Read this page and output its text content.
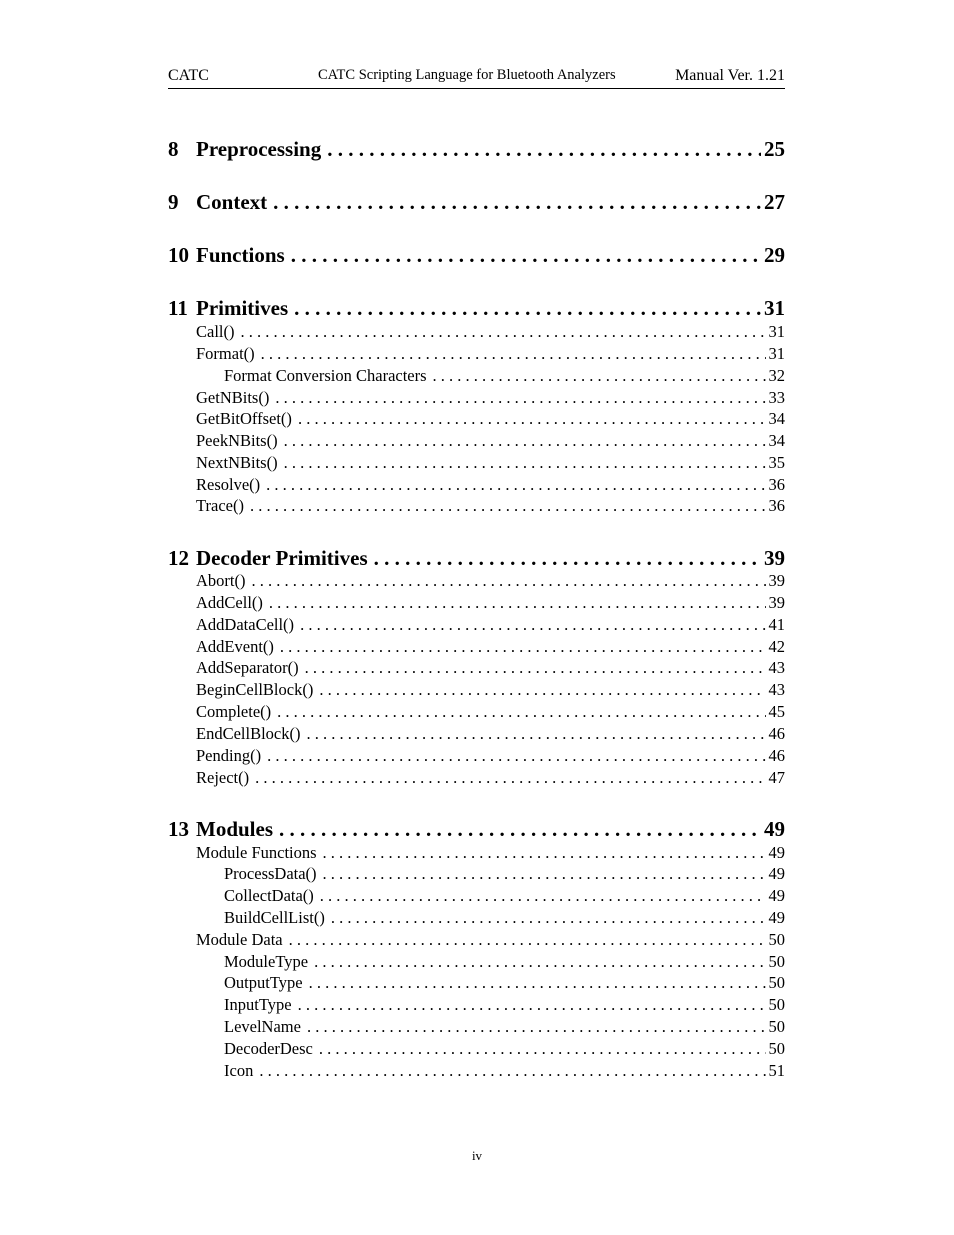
CATC	CATC Scripting Language for Bluetooth Analyzers	Manual Ver. 1.21
8 Preprocessing . . .	25
9 Context . . .	27
10 Functions . . .	29
11 Primitives . . .	31
Call() . . .	31
Format() . . .	31
Format Conversion Characters . . .	32
GetNBits() . . .	33
GetBitOffset() . . .	34
PeekNBits() . . .	34
NextNBits() . . .	35
Resolve() . . .	36
Trace() . . .	36
12 Decoder Primitives . . .	39
Abort() . . .	39
AddCell() . . .	39
AddDataCell() . . .	41
AddEvent() . . .	42
AddSeparator() . . .	43
BeginCellBlock() . . .	43
Complete() . . .	45
EndCellBlock() . . .	46
Pending() . . .	46
Reject() . . .	47
13 Modules . . .	49
Module Functions . . .	49
ProcessData() . . .	49
CollectData() . . .	49
BuildCellList() . . .	49
Module Data . . .	50
ModuleType . . .	50
OutputType . . .	50
InputType . . .	50
LevelName . . .	50
DecoderDesc . . .	50
Icon . . .	51
iv
